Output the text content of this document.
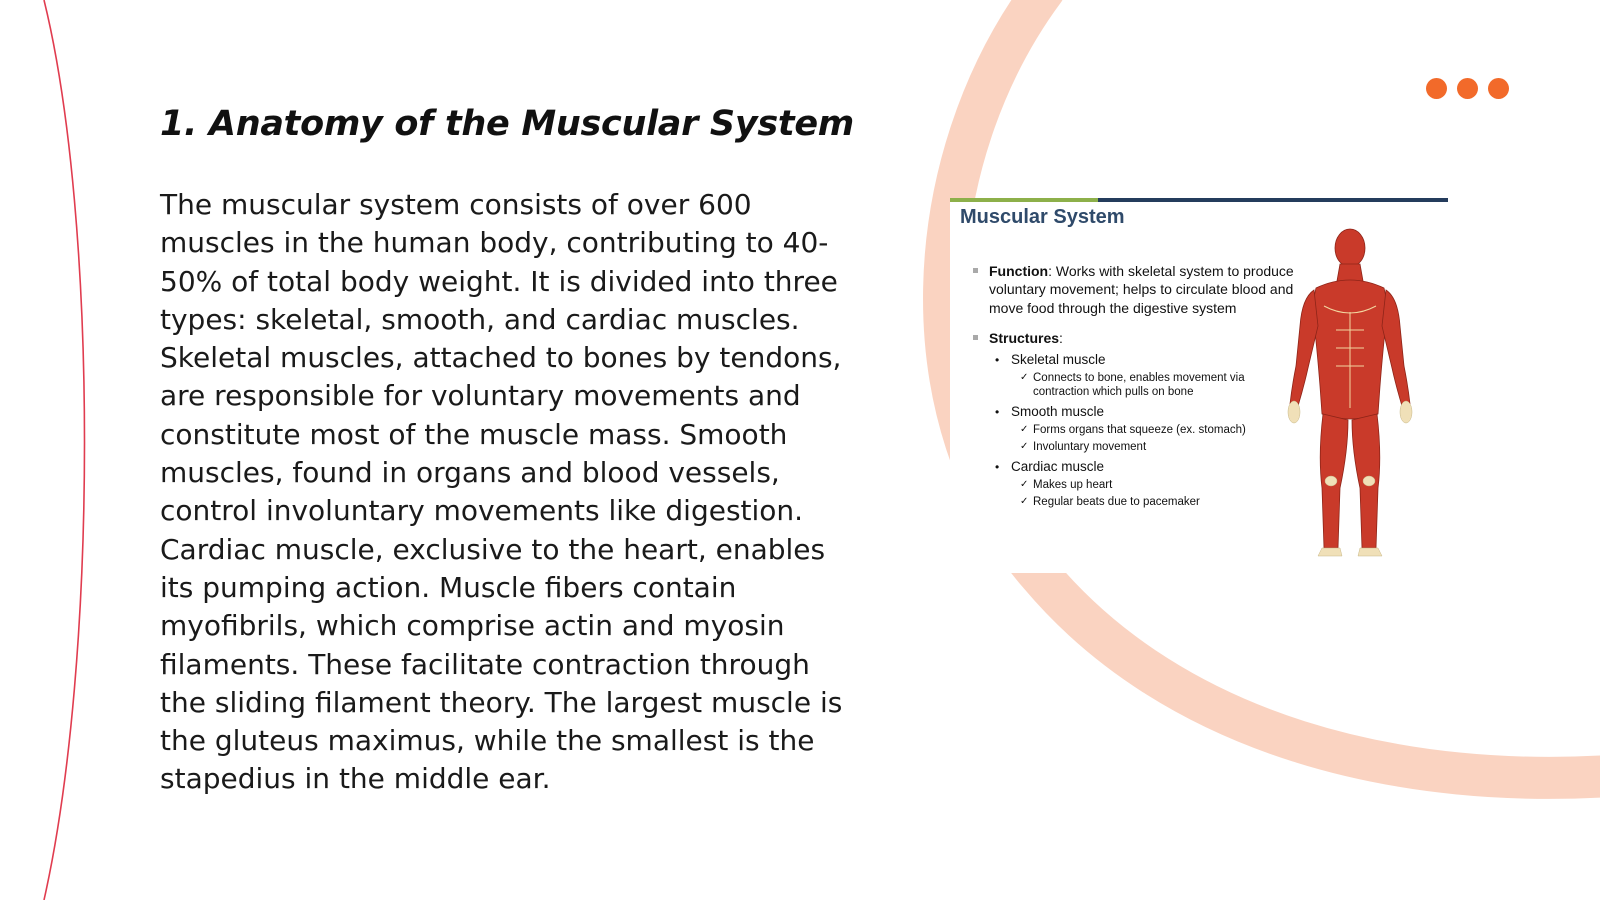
1. Anatomy of the Muscular System

The muscular system consists of over 600 muscles in the human body, contributing to 40-50% of total body weight. It is divided into three types: skeletal, smooth, and cardiac muscles. Skeletal muscles, attached to bones by tendons, are responsible for voluntary movements and constitute most of the muscle mass. Smooth muscles, found in organs and blood vessels, control involuntary movements like digestion. Cardiac muscle, exclusive to the heart, enables its pumping action. Muscle fibers contain myofibrils, which comprise actin and myosin filaments. These facilitate contraction through the sliding filament theory. The largest muscle is the gluteus maximus, while the smallest is the stapedius in the middle ear.

Muscular System
Function: Works with skeletal system to produce voluntary movement; helps to circulate blood and move food through the digestive system
Structures:
• Skeletal muscle
✓ Connects to bone, enables movement via contraction which pulls on bone
• Smooth muscle
✓ Forms organs that squeeze (ex. stomach)
✓ Involuntary movement
• Cardiac muscle
✓ Makes up heart
✓ Regular beats due to pacemaker
